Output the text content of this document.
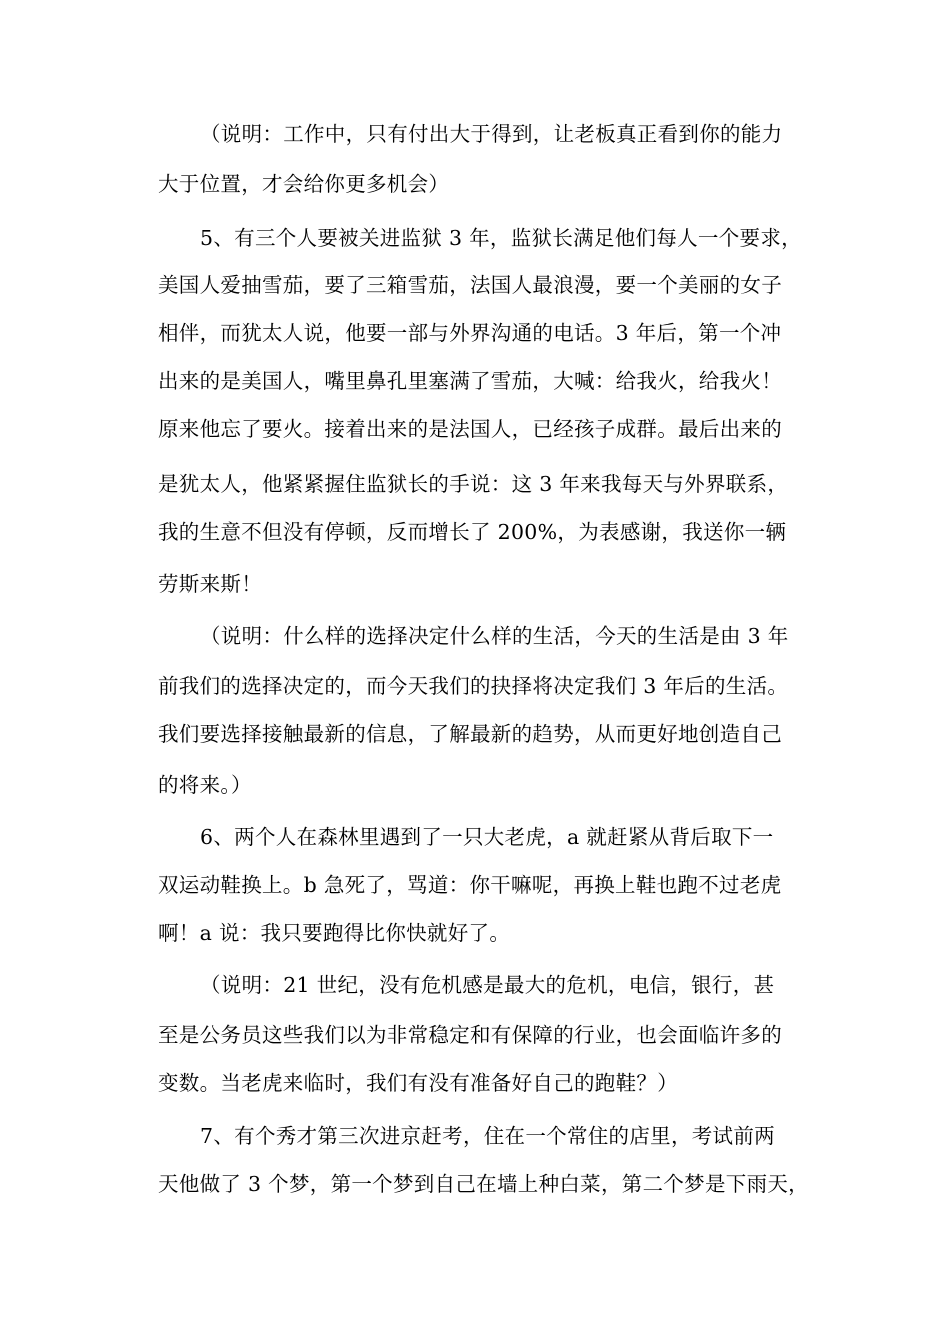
（说明：工作中，只有付出大于得到，让老板真正看到你的能力
大于位置，才会给你更多机会）
5、有三个人要被关进监狱 3 年，监狱长满足他们每人一个要求，
美国人爱抽雪茄，要了三箱雪茄，法国人最浪漫，要一个美丽的女子
相伴，而犹太人说，他要一部与外界沟通的电话。3 年后，第一个冲
出来的是美国人，嘴里鼻孔里塞满了雪茄，大喊：给我火，给我火！
原来他忘了要火。接着出来的是法国人，已经孩子成群。最后出来的
是犹太人，他紧紧握住监狱长的手说：这 3 年来我每天与外界联系，
我的生意不但没有停顿，反而增长了 200%，为表感谢，我送你一辆
劳斯来斯！
（说明：什么样的选择决定什么样的生活，今天的生活是由 3 年
前我们的选择决定的，而今天我们的抉择将决定我们 3 年后的生活。
我们要选择接触最新的信息，了解最新的趋势，从而更好地创造自己
的将来。）
6、两个人在森林里遇到了一只大老虎，a 就赶紧从背后取下一
双运动鞋换上。b 急死了，骂道：你干嘛呢，再换上鞋也跑不过老虎
啊！a 说：我只要跑得比你快就好了。
（说明：21 世纪，没有危机感是最大的危机，电信，银行，甚
至是公务员这些我们以为非常稳定和有保障的行业，也会面临许多的
变数。当老虎来临时，我们有没有准备好自己的跑鞋？）
7、有个秀才第三次进京赶考，住在一个常住的店里，考试前两
天他做了 3 个梦，第一个梦到自己在墙上种白菜，第二个梦是下雨天，
